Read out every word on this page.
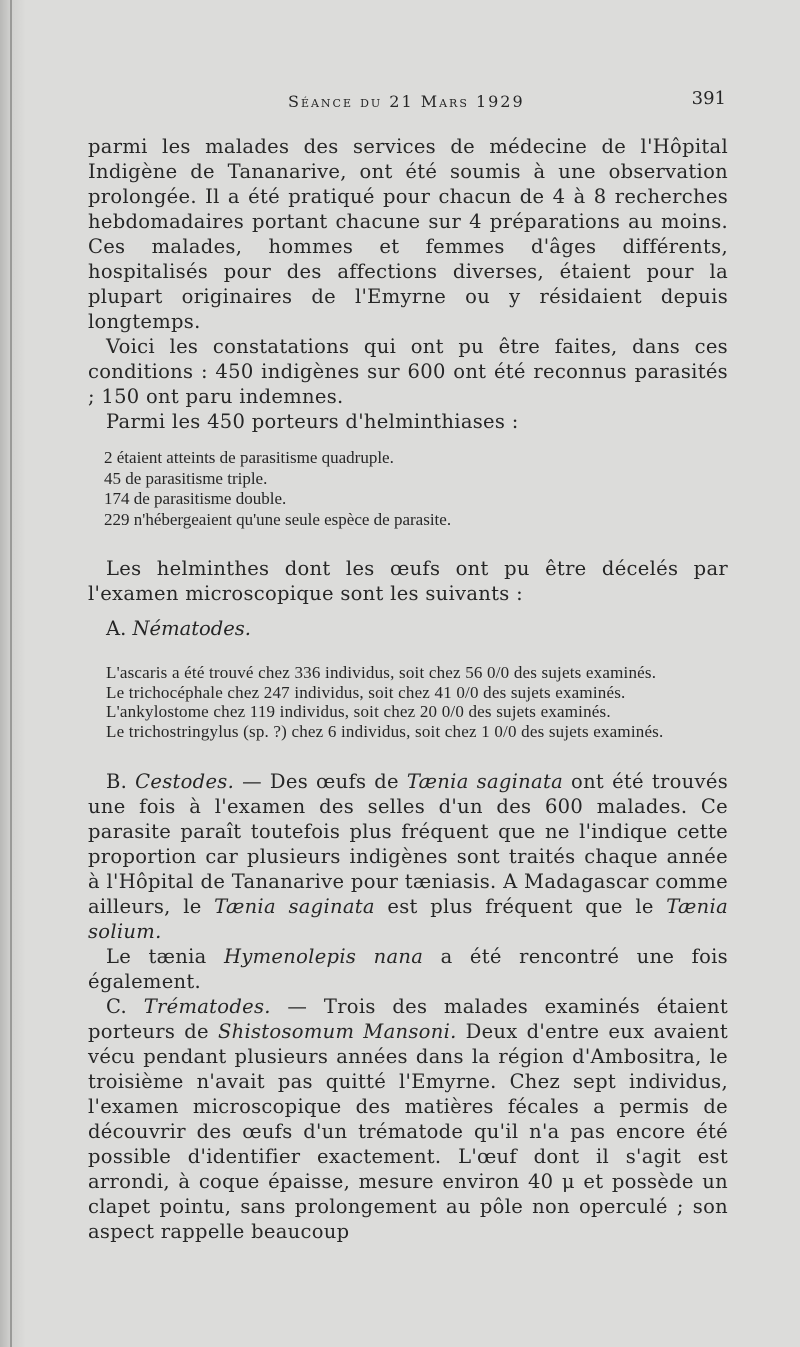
Séance du 21 Mars 1929	391

parmi les malades des services de médecine de l'Hôpital Indigène de Tananarive, ont été soumis à une observation prolongée. Il a été pratiqué pour chacun de 4 à 8 recherches hebdomadaires portant chacune sur 4 préparations au moins. Ces malades, hommes et femmes d'âges différents, hospitalisés pour des affections diverses, étaient pour la plupart originaires de l'Emyrne ou y résidaient depuis longtemps.

Voici les constatations qui ont pu être faites, dans ces conditions : 450 indigènes sur 600 ont été reconnus parasités ; 150 ont paru indemnes.

Parmi les 450 porteurs d'helminthiases :

2 étaient atteints de parasitisme quadruple.

45 de parasitisme triple.

174 de parasitisme double.

229 n'hébergeaient qu'une seule espèce de parasite.

Les helminthes dont les œufs ont pu être décelés par l'examen microscopique sont les suivants :

A. Nématodes.

L'ascaris a été trouvé chez 336 individus, soit chez 56 0/0 des sujets examinés.

Le trichocéphale chez 247 individus, soit chez 41 0/0 des sujets examinés.

L'ankylostome chez 119 individus, soit chez 20 0/0 des sujets examinés.

Le trichostringylus (sp. ?) chez 6 individus, soit chez 1 0/0 des sujets examinés.

B. Cestodes. — Des œufs de Tænia saginata ont été trouvés une fois à l'examen des selles d'un des 600 malades. Ce parasite paraît toutefois plus fréquent que ne l'indique cette proportion car plusieurs indigènes sont traités chaque année à l'Hôpital de Tananarive pour tæniasis. A Madagascar comme ailleurs, le Tænia saginata est plus fréquent que le Tænia solium.

Le tænia Hymenolepis nana a été rencontré une fois également.

C. Trématodes. — Trois des malades examinés étaient porteurs de Shistosomum Mansoni. Deux d'entre eux avaient vécu pendant plusieurs années dans la région d'Ambositra, le troisième n'avait pas quitté l'Emyrne. Chez sept individus, l'examen microscopique des matières fécales a permis de découvrir des œufs d'un trématode qu'il n'a pas encore été possible d'identifier exactement. L'œuf dont il s'agit est arrondi, à coque épaisse, mesure environ 40 μ et possède un clapet pointu, sans prolongement au pôle non operculé ; son aspect rappelle beaucoup
